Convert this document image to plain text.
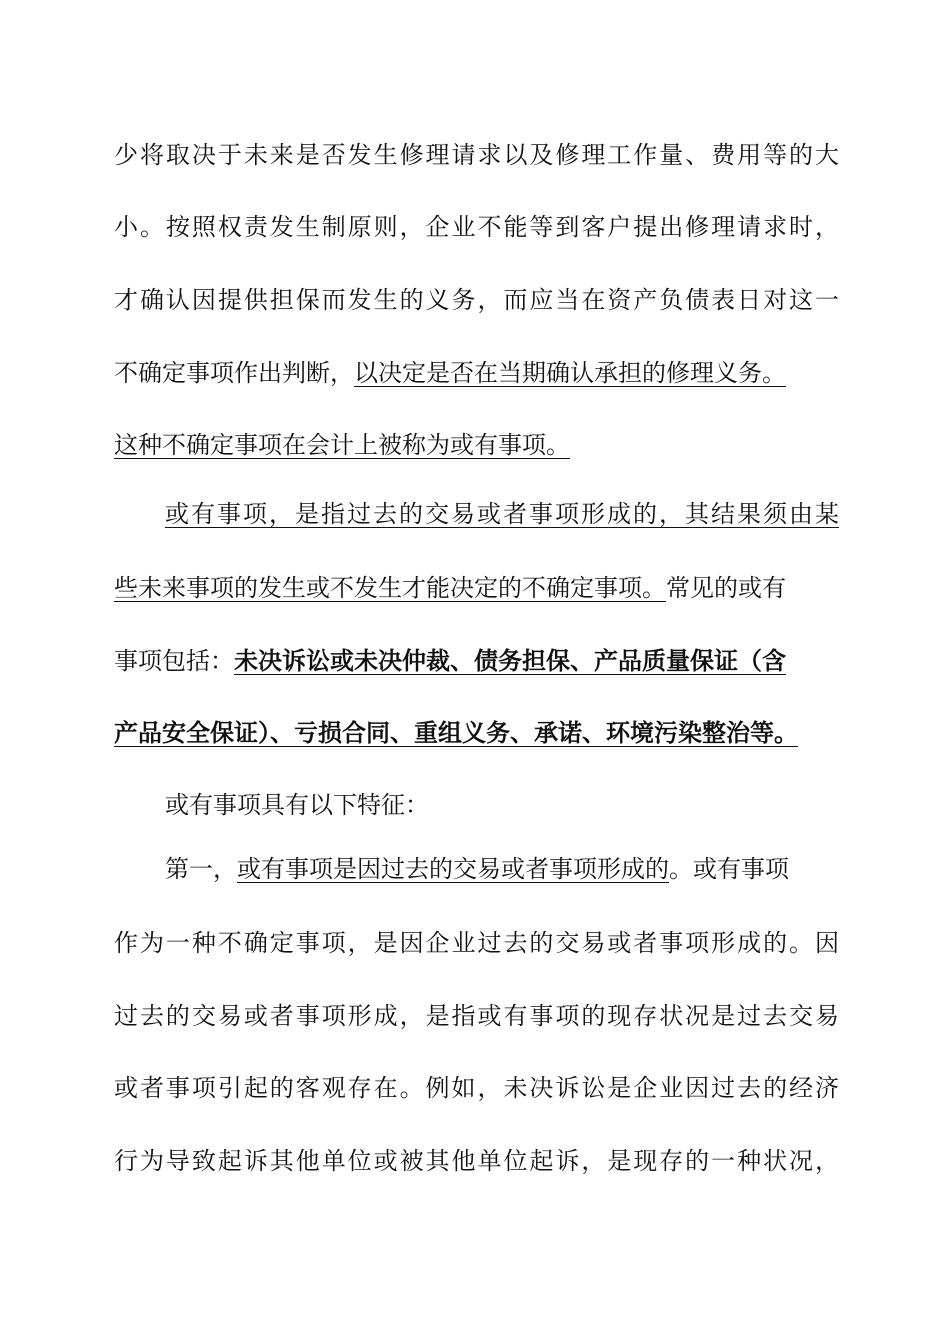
少将取决于未来是否发生修理请求以及修理工作量、费用等的大
小。按照权责发生制原则，企业不能等到客户提出修理请求时，
才确认因提供担保而发生的义务，而应当在资产负债表日对这一
不确定事项作出判断，以决定是否在当期确认承担的修理义务。
这种不确定事项在会计上被称为或有事项。
或有事项，是指过去的交易或者事项形成的，其结果须由某
些未来事项的发生或不发生才能决定的不确定事项。常见的或有
事项包括：未决诉讼或未决仲裁、债务担保、产品质量保证（含
产品安全保证）、亏损合同、重组义务、承诺、环境污染整治等。
或有事项具有以下特征：
第一，或有事项是因过去的交易或者事项形成的。或有事项
作为一种不确定事项，是因企业过去的交易或者事项形成的。因
过去的交易或者事项形成，是指或有事项的现存状况是过去交易
或者事项引起的客观存在。例如，未决诉讼是企业因过去的经济
行为导致起诉其他单位或被其他单位起诉，是现存的一种状况，
